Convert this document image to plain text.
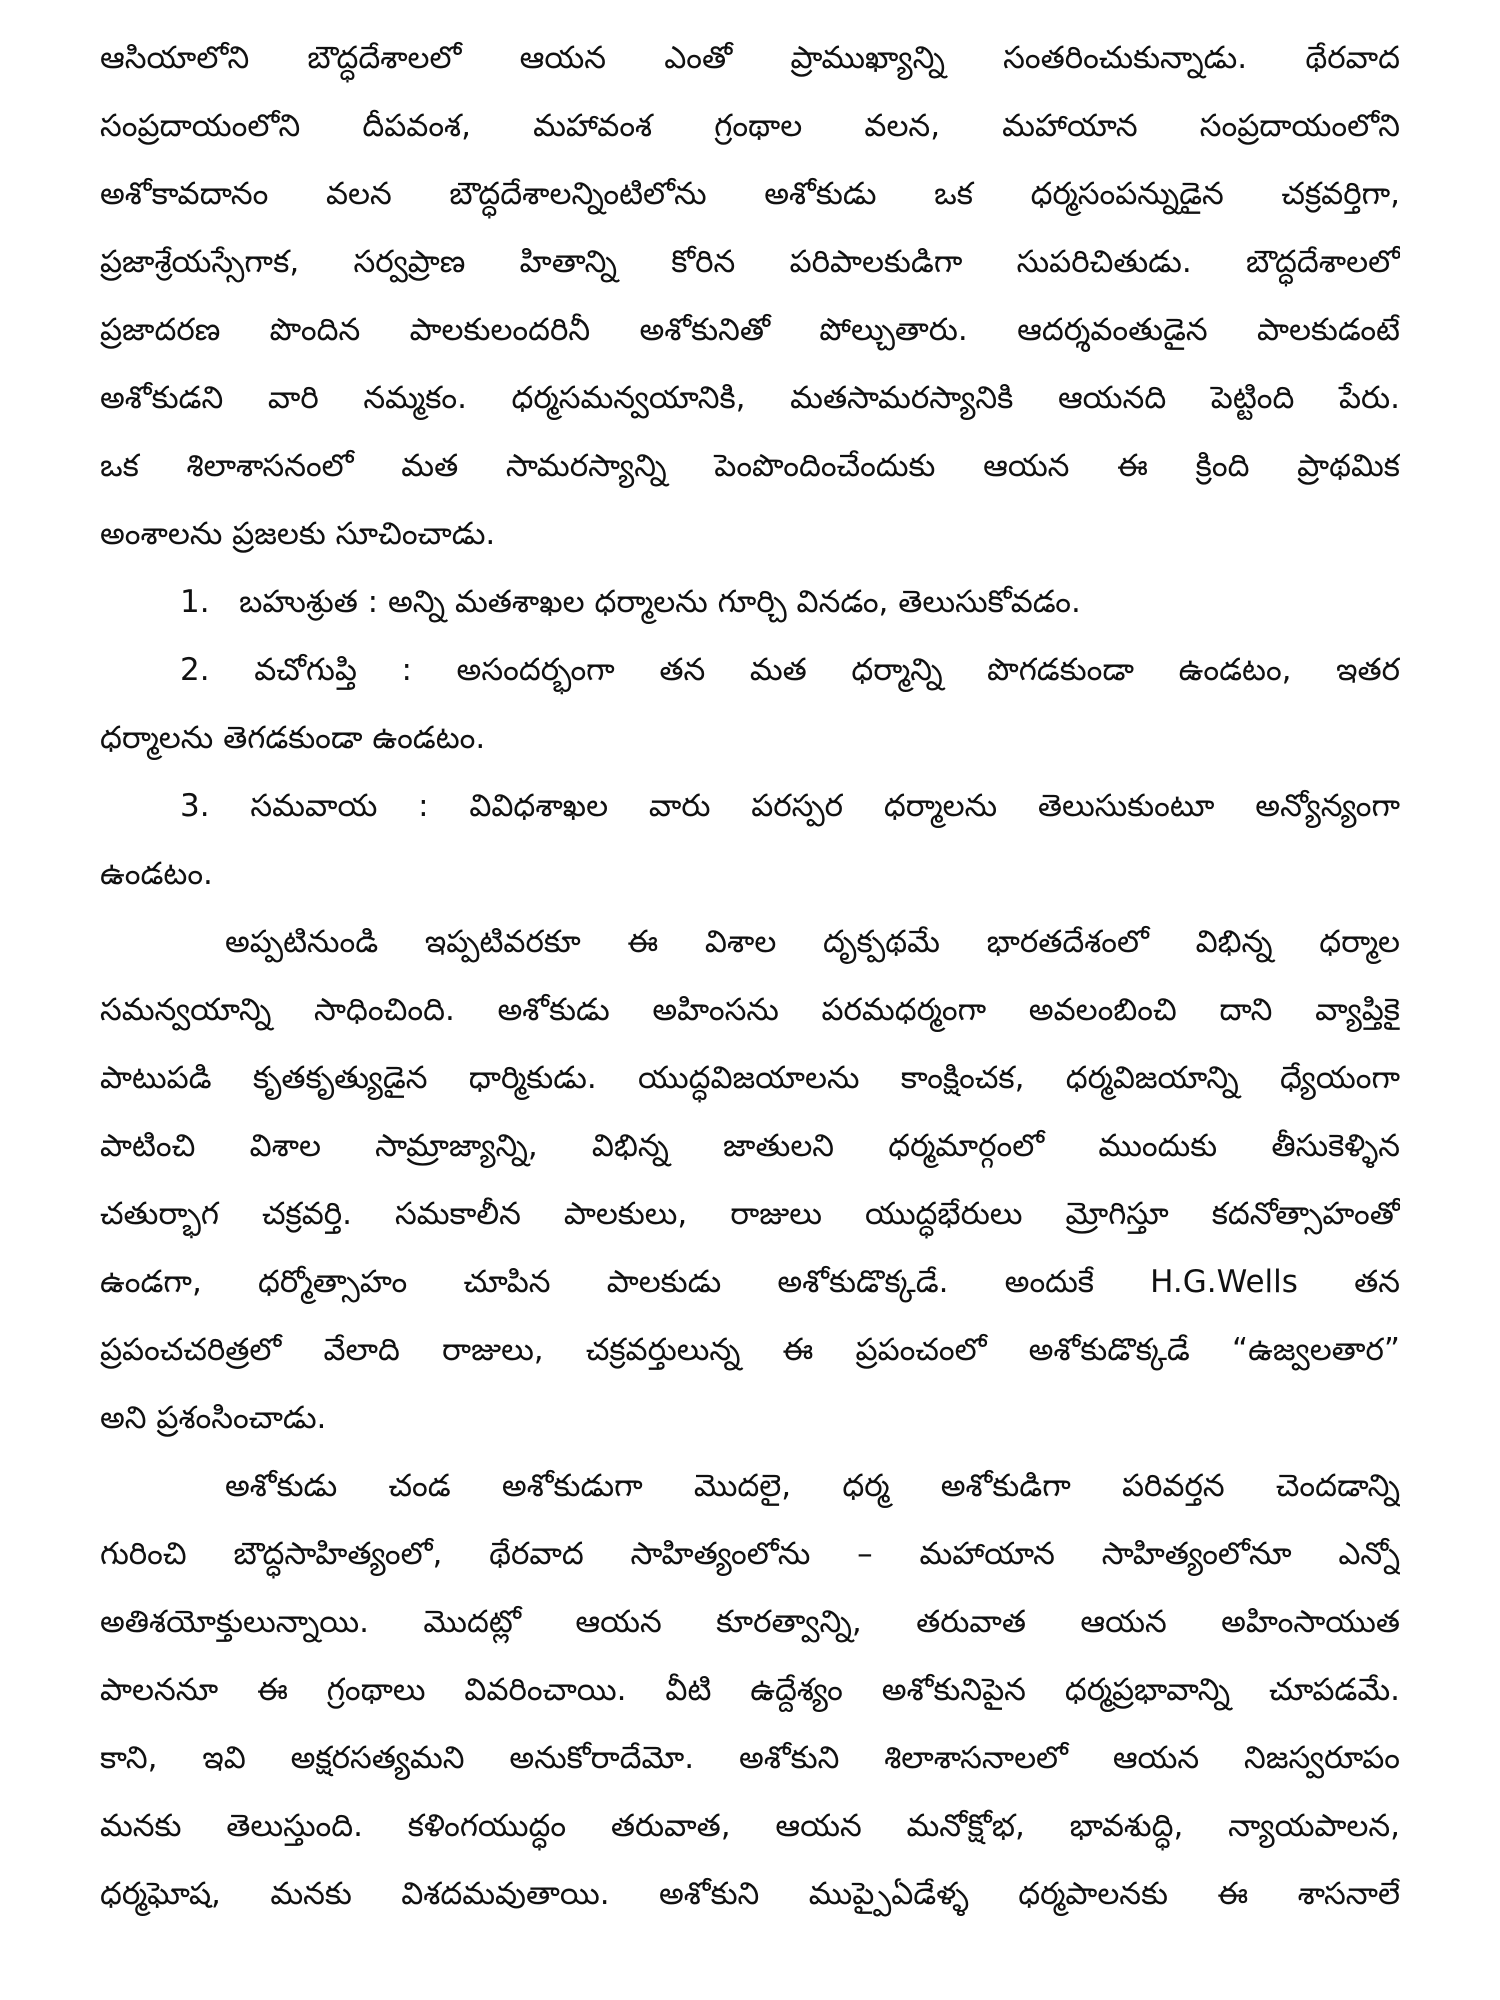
ఆసియాలోని బౌద్ధదేశాలలో ఆయన ఎంతో ప్రాముఖ్యాన్ని సంతరించుకున్నాడు. థేరవాద
సంప్రదాయంలోని దీపవంశ, మహావంశ గ్రంథాల వలన, మహాయాన సంప్రదాయంలోని
అశోకావదానం వలన బౌద్ధదేశాలన్నింటిలోను అశోకుడు ఒక ధర్మసంపన్నుడైన చక్రవర్తిగా,
ప్రజాశ్రేయస్సేగాక, సర్వప్రాణ హితాన్ని కోరిన పరిపాలకుడిగా సుపరిచితుడు. బౌద్ధదేశాలలో
ప్రజాదరణ పొందిన పాలకులందరినీ అశోకునితో పోల్చుతారు. ఆదర్శవంతుడైన పాలకుడంటే
అశోకుడని వారి నమ్మకం. ధర్మసమన్వయానికి, మతసామరస్యానికి ఆయనది పెట్టింది పేరు.
ఒక శిలాశాసనంలో మత సామరస్యాన్ని పెంపొందించేందుకు ఆయన ఈ క్రింది ప్రాథమిక
అంశాలను ప్రజలకు సూచించాడు.
1. బహుశ్రుత : అన్ని మతశాఖల ధర్మాలను గూర్చి వినడం, తెలుసుకోవడం.
2. వచోగుప్తి : అసందర్భంగా తన మత ధర్మాన్ని పొగడకుండా ఉండటం, ఇతర
ధర్మాలను తెగడకుండా ఉండటం.
3. సమవాయ : వివిధశాఖల వారు పరస్పర ధర్మాలను తెలుసుకుంటూ అన్యోన్యంగా
ఉండటం.
అప్పటినుండి ఇప్పటివరకూ ఈ విశాల దృక్పథమే భారతదేశంలో విభిన్న ధర్మాల
సమన్వయాన్ని సాధించింది. అశోకుడు అహింసను పరమధర్మంగా అవలంబించి దాని వ్యాప్తికై
పాటుపడి కృతకృత్యుడైన ధార్మికుడు. యుద్ధవిజయాలను కాంక్షించక, ధర్మవిజయాన్ని ధ్యేయంగా
పాటించి విశాల సామ్రాజ్యాన్ని, విభిన్న జాతులని ధర్మమార్గంలో ముందుకు తీసుకెళ్ళిన
చతుర్భాగ చక్రవర్తి. సమకాలీన పాలకులు, రాజులు యుద్ధభేరులు మ్రోగిస్తూ కదనోత్సాహంతో
ఉండగా, ధర్మోత్సాహం చూపిన పాలకుడు అశోకుడొక్కడే. అందుకే H.G.Wells తన
ప్రపంచచరిత్రలో వేలాది రాజులు, చక్రవర్తులున్న ఈ ప్రపంచంలో అశోకుడొక్కడే “ఉజ్వలతార”
అని ప్రశంసించాడు.
అశోకుడు చండ అశోకుడుగా మొదలై, ధర్మ అశోకుడిగా పరివర్తన చెందడాన్ని
గురించి బౌద్ధసాహిత్యంలో, థేరవాద సాహిత్యంలోను – మహాయాన సాహిత్యంలోనూ ఎన్నో
అతిశయోక్తులున్నాయి. మొదట్లో ఆయన కూరత్వాన్ని, తరువాత ఆయన అహింసాయుత
పాలననూ ఈ గ్రంథాలు వివరించాయి. వీటి ఉద్దేశ్యం అశోకునిపైన ధర్మప్రభావాన్ని చూపడమే.
కాని, ఇవి అక్షరసత్యమని అనుకోరాదేమో. అశోకుని శిలాశాసనాలలో ఆయన నిజస్వరూపం
మనకు తెలుస్తుంది. కళింగయుద్ధం తరువాత, ఆయన మనోక్షోభ, భావశుద్ధి, న్యాయపాలన,
ధర్మఘోష, మనకు విశదమవుతాయి. అశోకుని ముప్పైఏడేళ్ళ ధర్మపాలనకు ఈ శాసనాలే
